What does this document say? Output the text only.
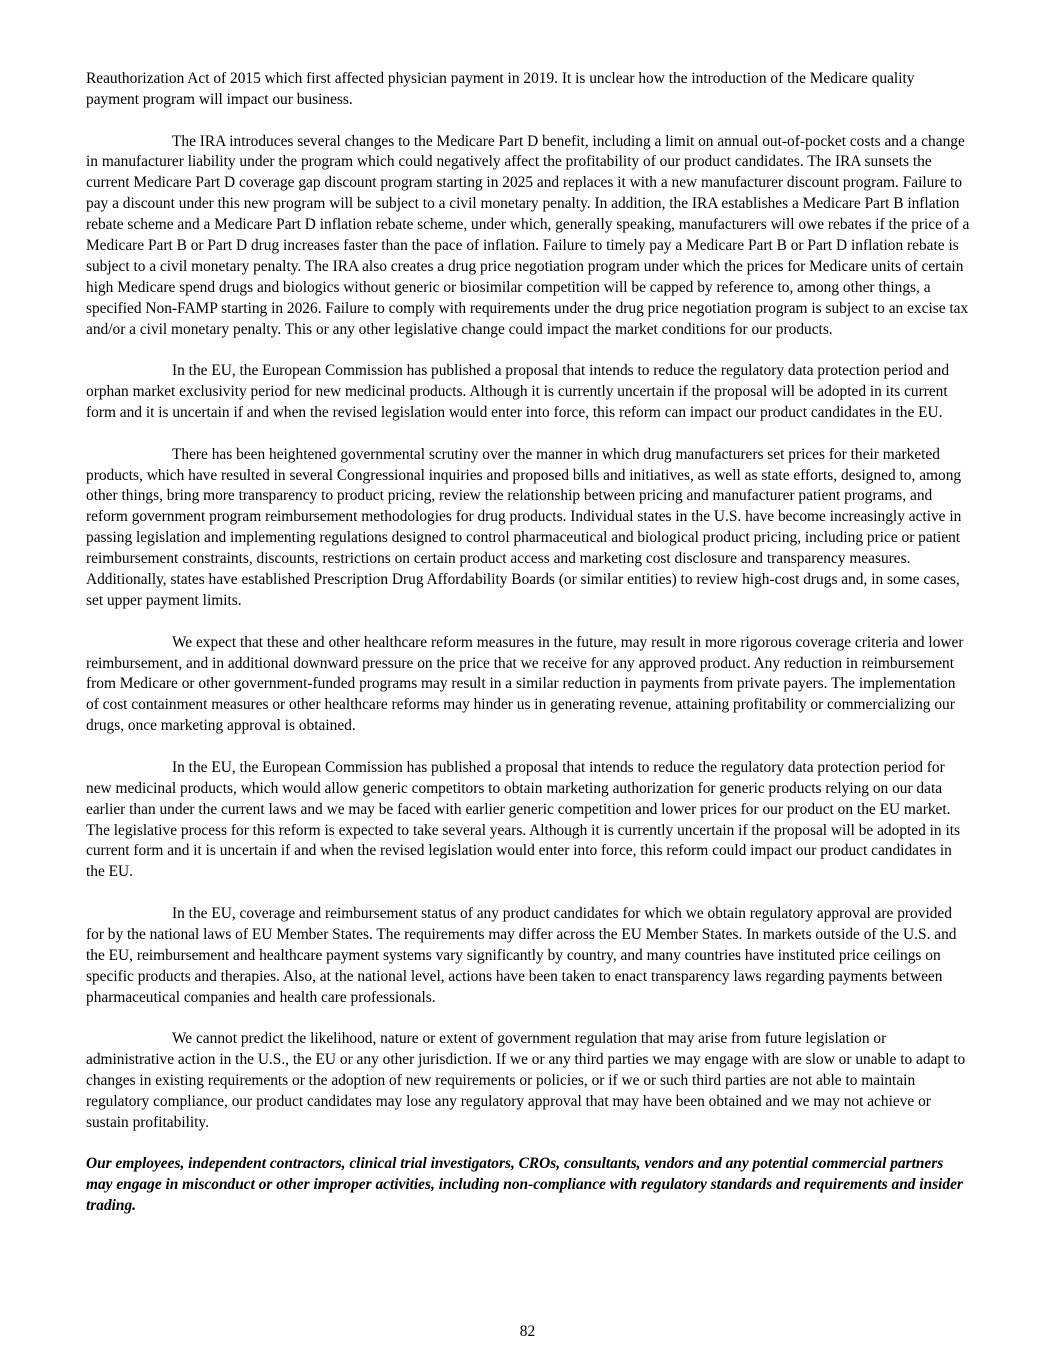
Reauthorization Act of 2015 which first affected physician payment in 2019. It is unclear how the introduction of the Medicare quality payment program will impact our business.

The IRA introduces several changes to the Medicare Part D benefit, including a limit on annual out-of-pocket costs and a change in manufacturer liability under the program which could negatively affect the profitability of our product candidates. The IRA sunsets the current Medicare Part D coverage gap discount program starting in 2025 and replaces it with a new manufacturer discount program. Failure to pay a discount under this new program will be subject to a civil monetary penalty. In addition, the IRA establishes a Medicare Part B inflation rebate scheme and a Medicare Part D inflation rebate scheme, under which, generally speaking, manufacturers will owe rebates if the price of a Medicare Part B or Part D drug increases faster than the pace of inflation. Failure to timely pay a Medicare Part B or Part D inflation rebate is subject to a civil monetary penalty. The IRA also creates a drug price negotiation program under which the prices for Medicare units of certain high Medicare spend drugs and biologics without generic or biosimilar competition will be capped by reference to, among other things, a specified Non-FAMP starting in 2026. Failure to comply with requirements under the drug price negotiation program is subject to an excise tax and/or a civil monetary penalty. This or any other legislative change could impact the market conditions for our products.

In the EU, the European Commission has published a proposal that intends to reduce the regulatory data protection period and orphan market exclusivity period for new medicinal products. Although it is currently uncertain if the proposal will be adopted in its current form and it is uncertain if and when the revised legislation would enter into force, this reform can impact our product candidates in the EU.

There has been heightened governmental scrutiny over the manner in which drug manufacturers set prices for their marketed products, which have resulted in several Congressional inquiries and proposed bills and initiatives, as well as state efforts, designed to, among other things, bring more transparency to product pricing, review the relationship between pricing and manufacturer patient programs, and reform government program reimbursement methodologies for drug products. Individual states in the U.S. have become increasingly active in passing legislation and implementing regulations designed to control pharmaceutical and biological product pricing, including price or patient reimbursement constraints, discounts, restrictions on certain product access and marketing cost disclosure and transparency measures. Additionally, states have established Prescription Drug Affordability Boards (or similar entities) to review high-cost drugs and, in some cases, set upper payment limits.

We expect that these and other healthcare reform measures in the future, may result in more rigorous coverage criteria and lower reimbursement, and in additional downward pressure on the price that we receive for any approved product. Any reduction in reimbursement from Medicare or other government-funded programs may result in a similar reduction in payments from private payers. The implementation of cost containment measures or other healthcare reforms may hinder us in generating revenue, attaining profitability or commercializing our drugs, once marketing approval is obtained.

In the EU, the European Commission has published a proposal that intends to reduce the regulatory data protection period for new medicinal products, which would allow generic competitors to obtain marketing authorization for generic products relying on our data earlier than under the current laws and we may be faced with earlier generic competition and lower prices for our product on the EU market. The legislative process for this reform is expected to take several years. Although it is currently uncertain if the proposal will be adopted in its current form and it is uncertain if and when the revised legislation would enter into force, this reform could impact our product candidates in the EU.

In the EU, coverage and reimbursement status of any product candidates for which we obtain regulatory approval are provided for by the national laws of EU Member States. The requirements may differ across the EU Member States. In markets outside of the U.S. and the EU, reimbursement and healthcare payment systems vary significantly by country, and many countries have instituted price ceilings on specific products and therapies. Also, at the national level, actions have been taken to enact transparency laws regarding payments between pharmaceutical companies and health care professionals.

We cannot predict the likelihood, nature or extent of government regulation that may arise from future legislation or administrative action in the U.S., the EU or any other jurisdiction. If we or any third parties we may engage with are slow or unable to adapt to changes in existing requirements or the adoption of new requirements or policies, or if we or such third parties are not able to maintain regulatory compliance, our product candidates may lose any regulatory approval that may have been obtained and we may not achieve or sustain profitability.

Our employees, independent contractors, clinical trial investigators, CROs, consultants, vendors and any potential commercial partners may engage in misconduct or other improper activities, including non-compliance with regulatory standards and requirements and insider trading.

82
